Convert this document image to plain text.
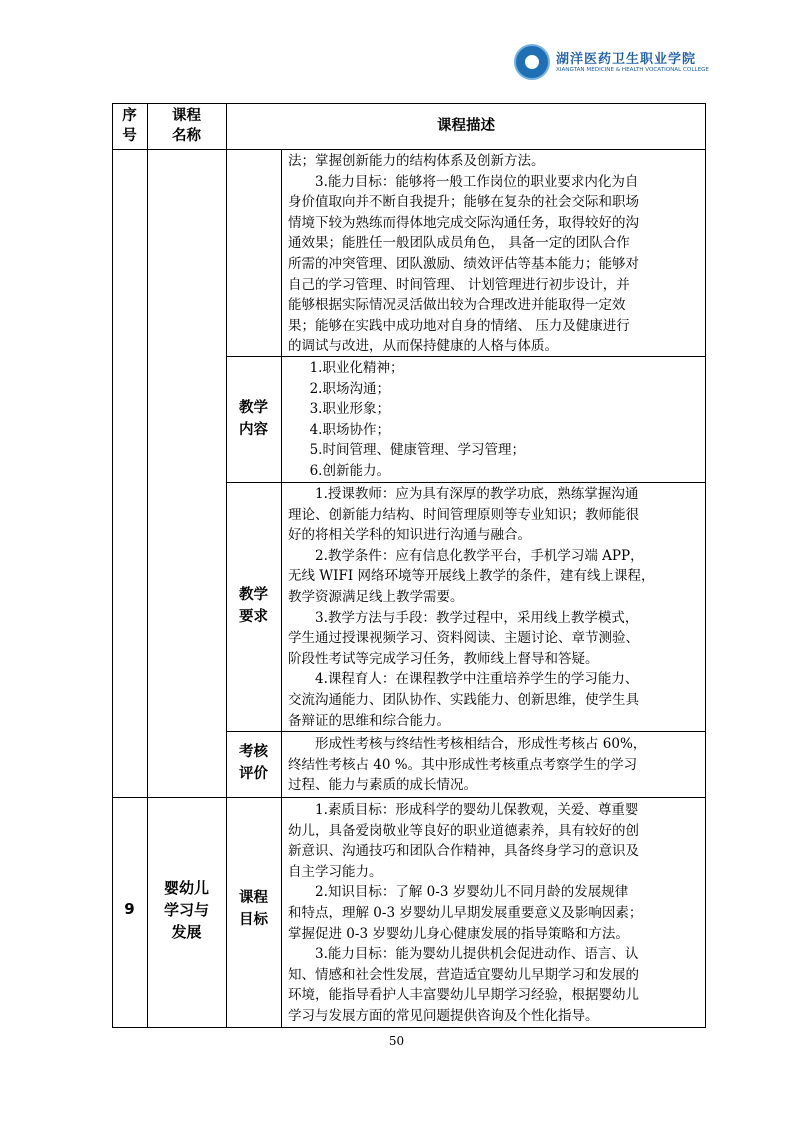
湖洋医药卫生职业学院
XIANGTAN MEDICINE & HEALTH VOCATIONAL COLLEGE
序
号
课程
名称
课程描述

法；掌握创新能力的结构体系及创新方法。

3.能力目标：能够将一般工作岗位的职业要求内化为自

身价值取向并不断自我提升；能够在复杂的社会交际和职场

情境下较为熟练而得体地完成交际沟通任务，取得较好的沟

通效果；能胜任一般团队成员角色， 具备一定的团队合作

所需的冲突管理、团队激励、绩效评估等基本能力；能够对

自己的学习管理、时间管理、 计划管理进行初步设计，并

能够根据实际情况灵活做出较为合理改进并能取得一定效

果；能够在实践中成功地对自身的情绪、 压力及健康进行

的调试与改进，从而保持健康的人格与体质。

教学
内容

1.职业化精神；

2.职场沟通；

3.职业形象；

4.职场协作；

5.时间管理、健康管理、学习管理；

6.创新能力。

教学
要求

1.授课教师：应为具有深厚的教学功底，熟练掌握沟通

理论、创新能力结构、时间管理原则等专业知识；教师能很

好的将相关学科的知识进行沟通与融合。

2.教学条件：应有信息化教学平台，手机学习端 APP，

无线 WIFI 网络环境等开展线上教学的条件，建有线上课程，

教学资源满足线上教学需要。

3.教学方法与手段：教学过程中，采用线上教学模式，

学生通过授课视频学习、资料阅读、主题讨论、章节测验、

阶段性考试等完成学习任务，教师线上督导和答疑。

4.课程育人：在课程教学中注重培养学生的学习能力、

交流沟通能力、团队协作、实践能力、创新思维，使学生具

备辩证的思维和综合能力。

考核
评价

形成性考核与终结性考核相结合，形成性考核占 60%，

终结性考核占 40 %。其中形成性考核重点考察学生的学习

过程、能力与素质的成长情况。

9
婴幼儿
学习与
发展
课程
目标

1.素质目标：形成科学的婴幼儿保教观，关爱、尊重婴

幼儿，具备爱岗敬业等良好的职业道德素养，具有较好的创

新意识、沟通技巧和团队合作精神，具备终身学习的意识及

自主学习能力。

2.知识目标：了解 0-3 岁婴幼儿不同月龄的发展规律

和特点，理解 0-3 岁婴幼儿早期发展重要意义及影响因素；

掌握促进 0-3 岁婴幼儿身心健康发展的指导策略和方法。

3.能力目标：能为婴幼儿提供机会促进动作、语言、认

知、情感和社会性发展，营造适宜婴幼儿早期学习和发展的

环境，能指导看护人丰富婴幼儿早期学习经验，根据婴幼儿

学习与发展方面的常见问题提供咨询及个性化指导。

50
